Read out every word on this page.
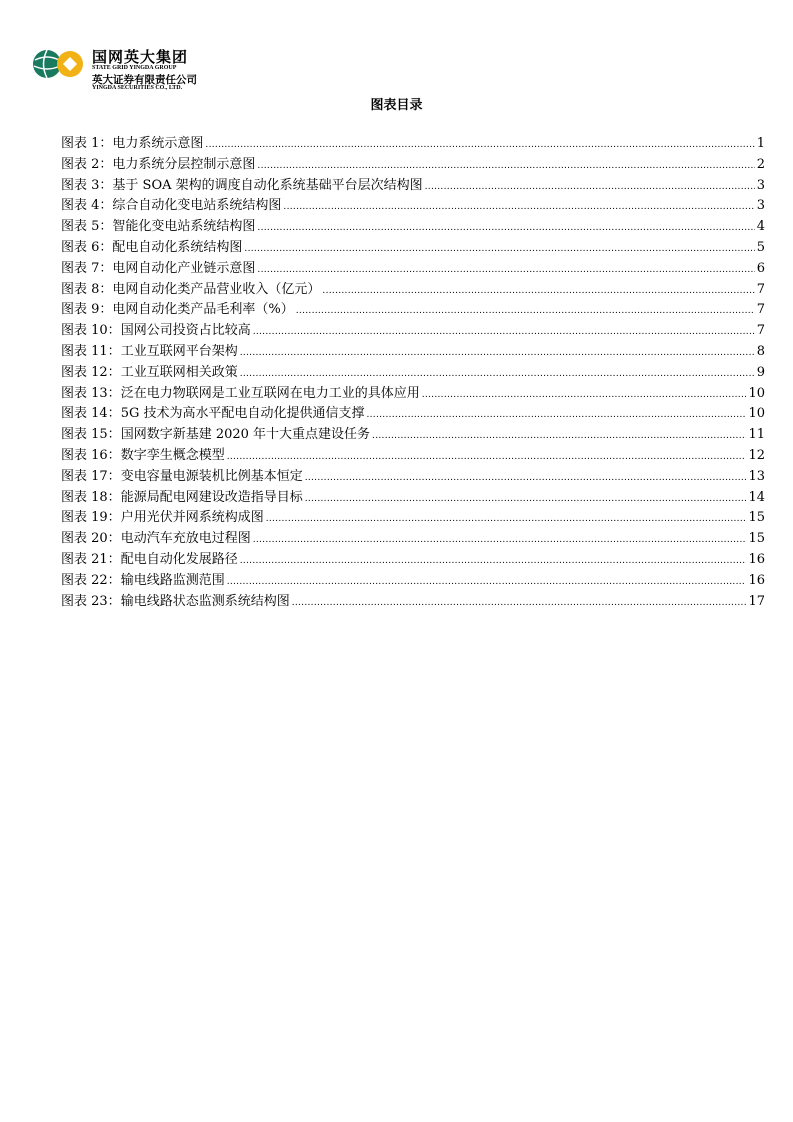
国网英大集团
STATE GRID YINGDA GROUP
英大证券有限责任公司
YINGDA SECURITIES CO., LTD.
图表目录
图表 1： 电力系统示意图 .....	1
图表 2： 电力系统分层控制示意图 .....	2
图表 3： 基于 SOA 架构的调度自动化系统基础平台层次结构图 .....	3
图表 4： 综合自动化变电站系统结构图 .....	3
图表 5： 智能化变电站系统结构图 .....	4
图表 6： 配电自动化系统结构图 .....	5
图表 7： 电网自动化产业链示意图 .....	6
图表 8： 电网自动化类产品营业收入（亿元） .....	7
图表 9： 电网自动化类产品毛利率（%） .....	7
图表 10： 国网公司投资占比较高 .....	7
图表 11： 工业互联网平台架构 .....	8
图表 12： 工业互联网相关政策 .....	9
图表 13： 泛在电力物联网是工业互联网在电力工业的具体应用 .....	10
图表 14： 5G 技术为高水平配电自动化提供通信支撑 .....	10
图表 15： 国网数字新基建 2020 年十大重点建设任务 .....	11
图表 16： 数字孪生概念模型 .....	12
图表 17： 变电容量电源装机比例基本恒定 .....	13
图表 18： 能源局配电网建设改造指导目标 .....	14
图表 19： 户用光伏并网系统构成图 .....	15
图表 20： 电动汽车充放电过程图 .....	15
图表 21： 配电自动化发展路径 .....	16
图表 22： 输电线路监测范围 .....	16
图表 23： 输电线路状态监测系统结构图 .....	17
